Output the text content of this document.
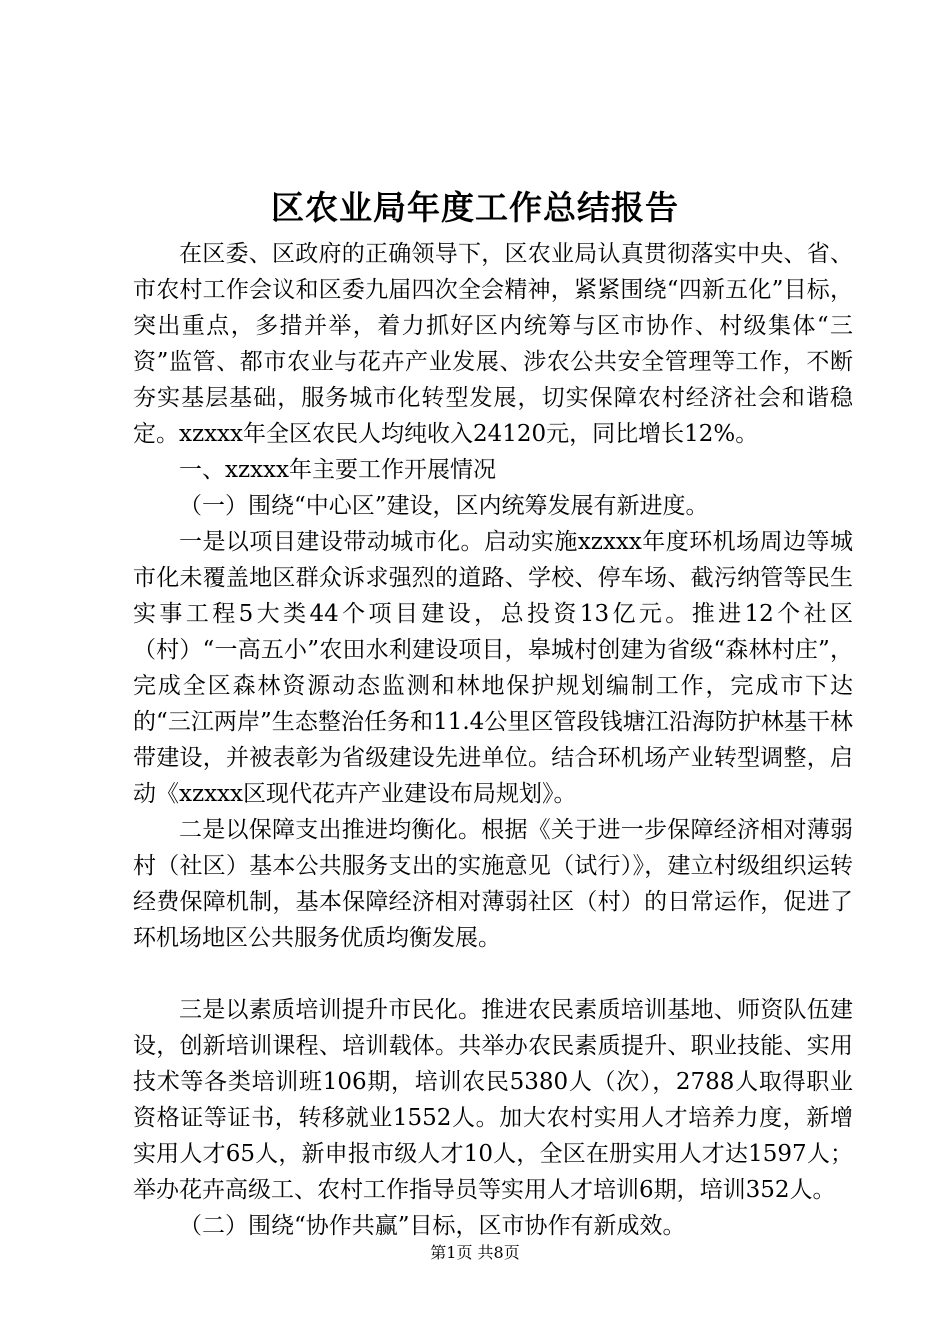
区农业局年度工作总结报告

在区委、区政府的正确领导下，区农业局认真贯彻落实中央、省、市农村工作会议和区委九届四次全会精神，紧紧围绕“四新五化”目标，突出重点，多措并举，着力抓好区内统筹与区市协作、村级集体“三资”监管、都市农业与花卉产业发展、涉农公共安全管理等工作，不断夯实基层基础，服务城市化转型发展，切实保障农村经济社会和谐稳定。xzxxx年全区农民人均纯收入24120元，同比增长12%。

一、xzxxx年主要工作开展情况

（一）围绕“中心区”建设，区内统筹发展有新进度。

一是以项目建设带动城市化。启动实施xzxxx年度环机场周边等城市化未覆盖地区群众诉求强烈的道路、学校、停车场、截污纳管等民生实事工程5大类44个项目建设，总投资13亿元。推进12个社区（村）“一高五小”农田水利建设项目，皋城村创建为省级“森林村庄”，完成全区森林资源动态监测和林地保护规划编制工作，完成市下达的“三江两岸”生态整治任务和11.4公里区管段钱塘江沿海防护林基干林带建设，并被表彰为省级建设先进单位。结合环机场产业转型调整，启动《xzxxx区现代花卉产业建设布局规划》。

二是以保障支出推进均衡化。根据《关于进一步保障经济相对薄弱村（社区）基本公共服务支出的实施意见（试行）》，建立村级组织运转经费保障机制，基本保障经济相对薄弱社区（村）的日常运作，促进了环机场地区公共服务优质均衡发展。

三是以素质培训提升市民化。推进农民素质培训基地、师资队伍建设，创新培训课程、培训载体。共举办农民素质提升、职业技能、实用技术等各类培训班106期，培训农民5380人（次），2788人取得职业资格证等证书，转移就业1552人。加大农村实用人才培养力度，新增实用人才65人，新申报市级人才10人，全区在册实用人才达1597人；举办花卉高级工、农村工作指导员等实用人才培训6期，培训352人。

（二）围绕“协作共赢”目标，区市协作有新成效。

第1页 共8页
